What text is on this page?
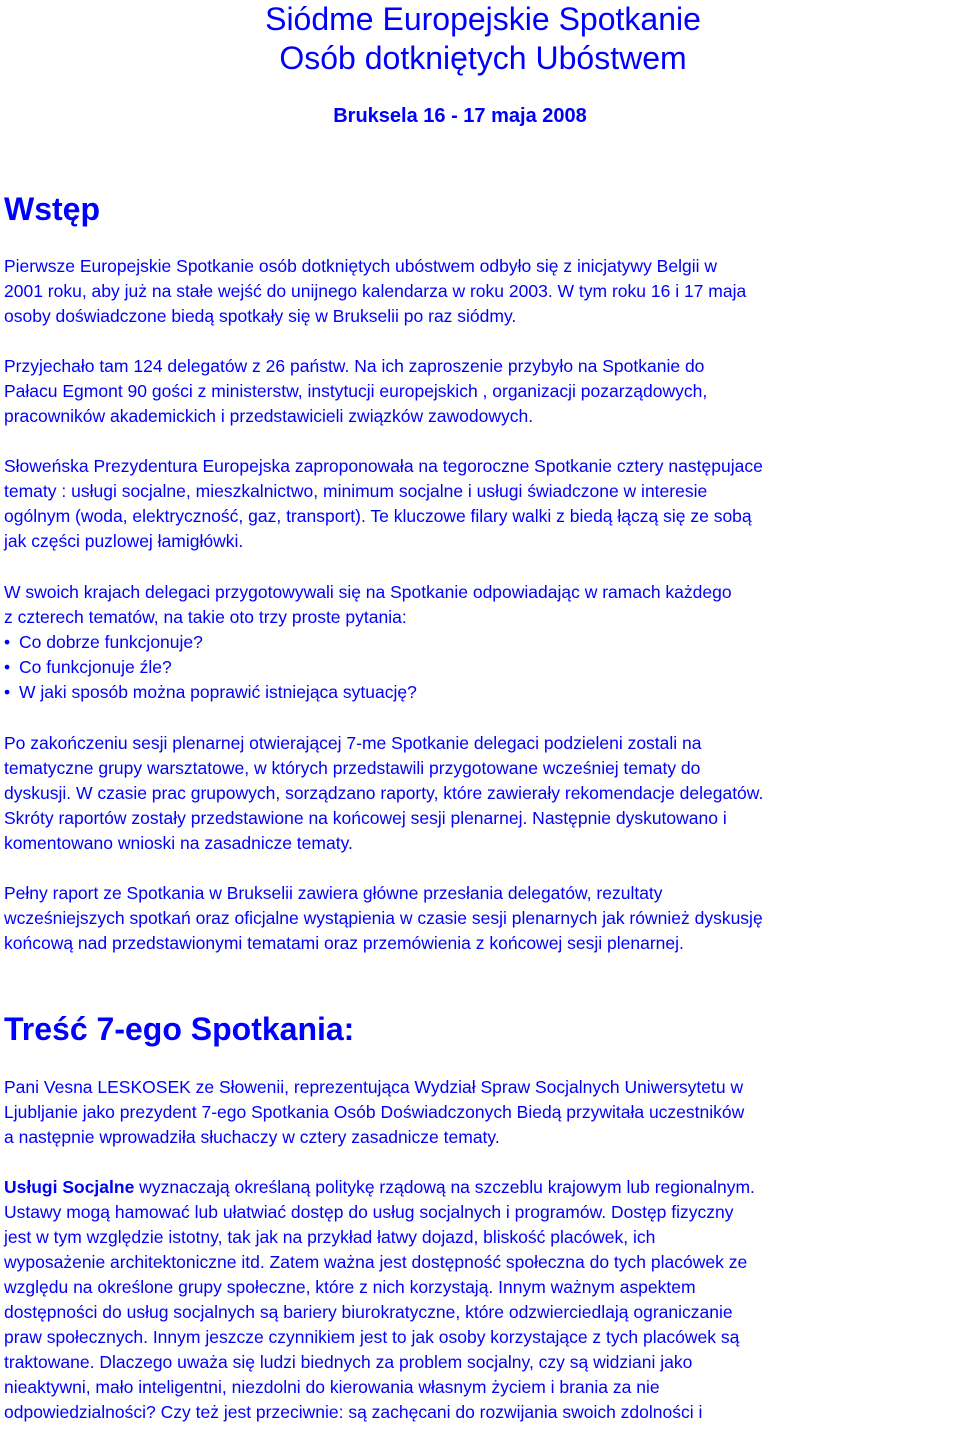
Siódme Europejskie Spotkanie
Osób dotkniętych Ubóstwem

Bruksela 16 - 17 maja 2008

Wstęp
Pierwsze Europejskie Spotkanie osób dotkniętych ubóstwem odbyło się z inicjatywy Belgii w
2001 roku, aby już na stałe wejść do unijnego kalendarza w roku 2003. W tym roku 16 i 17 maja
osoby doświadczone biedą spotkały się w Brukselii po raz siódmy.
Przyjechało tam 124 delegatów z 26 państw. Na ich zaproszenie przybyło na Spotkanie do
Pałacu Egmont 90 gości z ministerstw, instytucji europejskich , organizacji pozarządowych,
pracowników akademickich i przedstawicieli związków zawodowych.
Słoweńska Prezydentura Europejska zaproponowała na tegoroczne Spotkanie cztery następujace
tematy : usługi socjalne, mieszkalnictwo, minimum socjalne i usługi świadczone w interesie
ogólnym (woda, elektryczność, gaz, transport). Te kluczowe filary walki z biedą łączą się ze sobą
jak części puzlowej łamigłówki.
W swoich krajach delegaci przygotowywali się na Spotkanie odpowiadając w ramach każdego
z czterech tematów, na takie oto trzy proste pytania:
• Co dobrze funkcjonuje?
• Co funkcjonuje źle?
• W jaki sposób można poprawić istniejąca sytuację?
Po zakończeniu sesji plenarnej otwierającej 7-me Spotkanie delegaci podzieleni zostali na
tematyczne grupy warsztatowe, w których przedstawili przygotowane wcześniej tematy do
dyskusji. W czasie prac grupowych, sorządzano raporty, które zawierały rekomendacje delegatów.
Skróty raportów zostały przedstawione na końcowej sesji plenarnej. Następnie dyskutowano i
komentowano wnioski na zasadnicze tematy.
Pełny raport ze Spotkania w Brukselii zawiera główne przesłania delegatów, rezultaty
wcześniejszych spotkań oraz oficjalne wystąpienia w czasie sesji plenarnych jak również dyskusję
końcową nad przedstawionymi tematami oraz przemówienia z końcowej sesji plenarnej.
Treść 7-ego Spotkania:
Pani Vesna LESKOSEK ze Słowenii, reprezentująca Wydział Spraw Socjalnych Uniwersytetu w
Ljubljanie jako prezydent 7-ego Spotkania Osób Doświadczonych Biedą przywitała uczestników
a następnie wprowadziła słuchaczy w cztery zasadnicze tematy.
Usługi Socjalne wyznaczają określaną politykę rządową na szczeblu krajowym lub regionalnym.
Ustawy mogą hamować lub ułatwiać dostęp do usług socjalnych i programów. Dostęp fizyczny
jest w tym względzie istotny, tak jak na przykład łatwy dojazd, bliskość placówek, ich
wyposażenie architektoniczne itd. Zatem ważna jest dostępność społeczna do tych placówek ze
względu na określone grupy społeczne, które z nich korzystają. Innym ważnym aspektem
dostępności do usług socjalnych są bariery biurokratyczne, które odzwierciedlają ograniczanie
praw społecznych. Innym jeszcze czynnikiem jest to jak osoby korzystające z tych placówek są
traktowane. Dlaczego uważa się ludzi biednych za problem socjalny, czy są widziani jako
nieaktywni, mało inteligentni, niezdolni do kierowania własnym życiem i brania za nie
odpowiedzialności? Czy też jest przeciwnie: są zachęcani do rozwijania swoich zdolności i
